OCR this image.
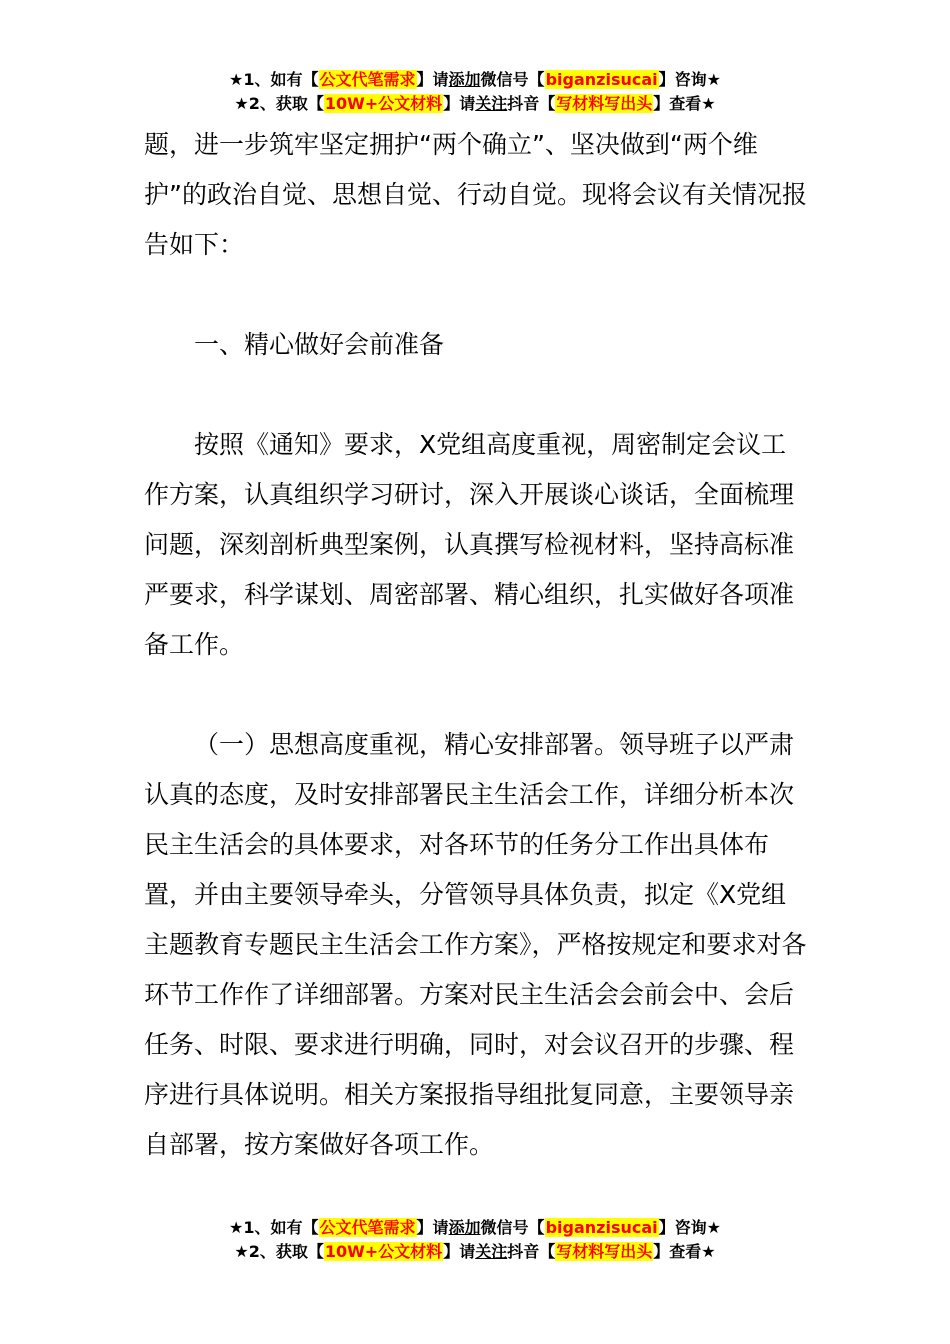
★1、如有【公文代笔需求】请添加微信号【biganzisucai】咨询★
★2、获取【10W+公文材料】请关注抖音【写材料写出头】查看★

题，进一步筑牢坚定拥护“两个确立”、坚决做到“两个维护”的政治自觉、思想自觉、行动自觉。现将会议有关情况报告如下：

一、精心做好会前准备

按照《通知》要求，X党组高度重视，周密制定会议工作方案，认真组织学习研讨，深入开展谈心谈话，全面梳理问题，深刻剖析典型案例，认真撰写检视材料，坚持高标准严要求，科学谋划、周密部署、精心组织，扎实做好各项准备工作。

（一）思想高度重视，精心安排部署。领导班子以严肃认真的态度，及时安排部署民主生活会工作，详细分析本次民主生活会的具体要求，对各环节的任务分工作出具体布置，并由主要领导牵头，分管领导具体负责，拟定《X党组主题教育专题民主生活会工作方案》，严格按规定和要求对各环节工作作了详细部署。方案对民主生活会会前会中、会后任务、时限、要求进行明确，同时，对会议召开的步骤、程序进行具体说明。相关方案报指导组批复同意，主要领导亲自部署，按方案做好各项工作。

★1、如有【公文代笔需求】请添加微信号【biganzisucai】咨询★
★2、获取【10W+公文材料】请关注抖音【写材料写出头】查看★
